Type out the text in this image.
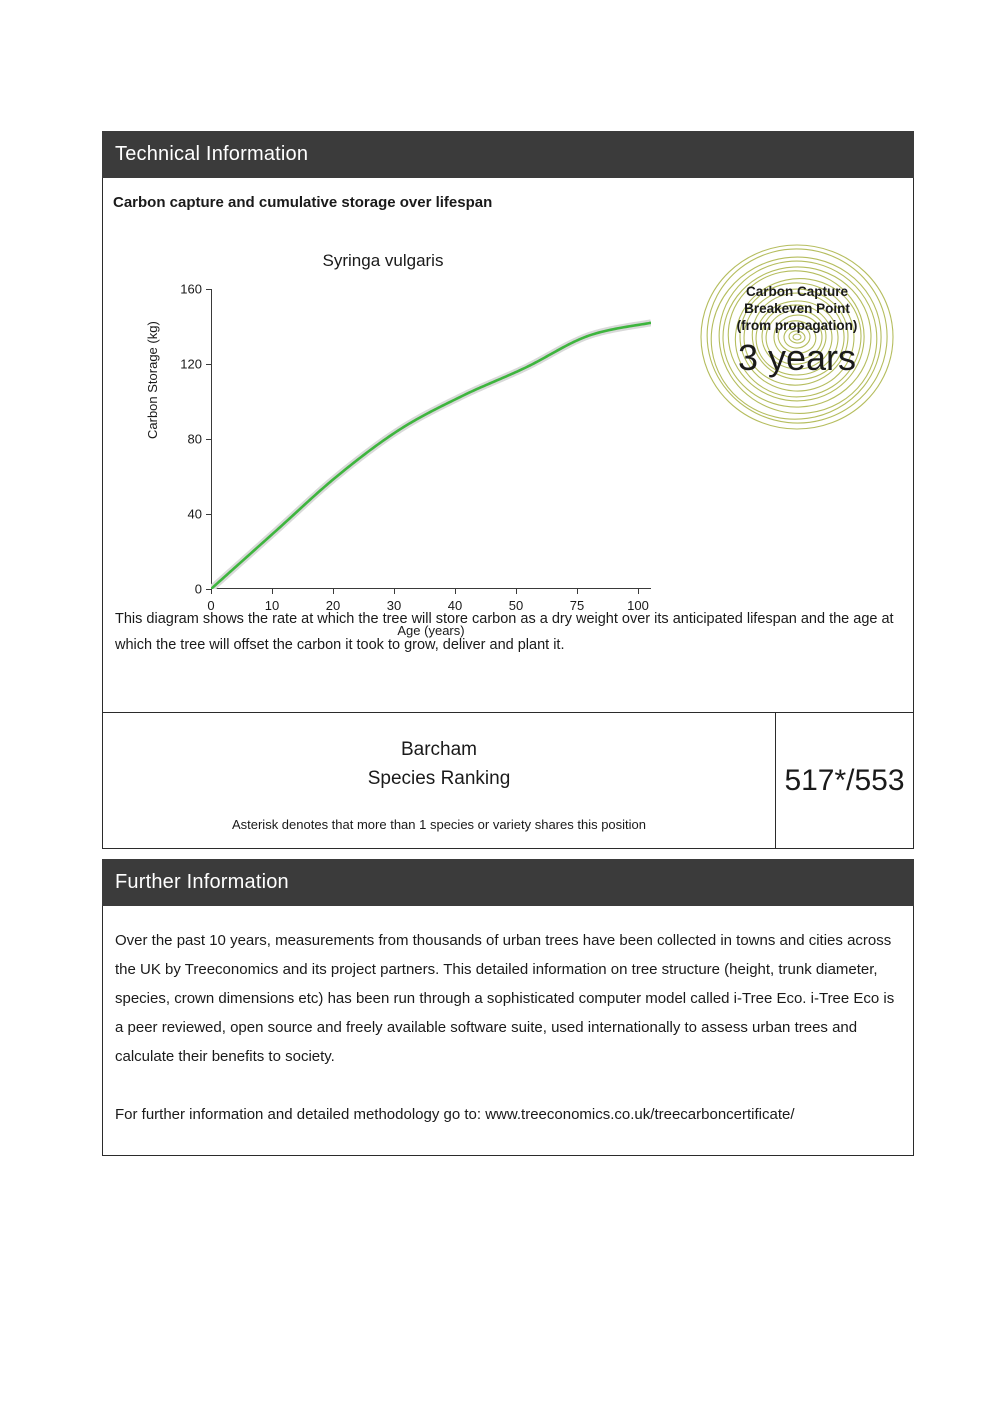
Technical Information
Carbon capture and cumulative storage over lifespan
Syringa vulgaris
0
40
80
120
160
0	10	20	30	40	50	75	100
Carbon Storage (kg)
Age (years)
Carbon Capture
Breakeven Point
(from propagation)
3 years
This diagram shows the rate at which the tree will store carbon as a dry weight over its anticipated lifespan and the age at which the tree will offset the carbon it took to grow, deliver and plant it.
Barcham
Species Ranking
Asterisk denotes that more than 1 species or variety shares this position
517*/553
Further Information

Over the past 10 years, measurements from thousands of urban trees have been collected in towns and cities across the UK by Treeconomics and its project partners. This detailed information on tree structure (height, trunk diameter, species, crown dimensions etc) has been run through a sophisticated computer model called i-Tree Eco. i-Tree Eco is a peer reviewed, open source and freely available software suite, used internationally to assess urban trees and calculate their benefits to society.

For further information and detailed methodology go to: www.treeconomics.co.uk/treecarboncertificate/
